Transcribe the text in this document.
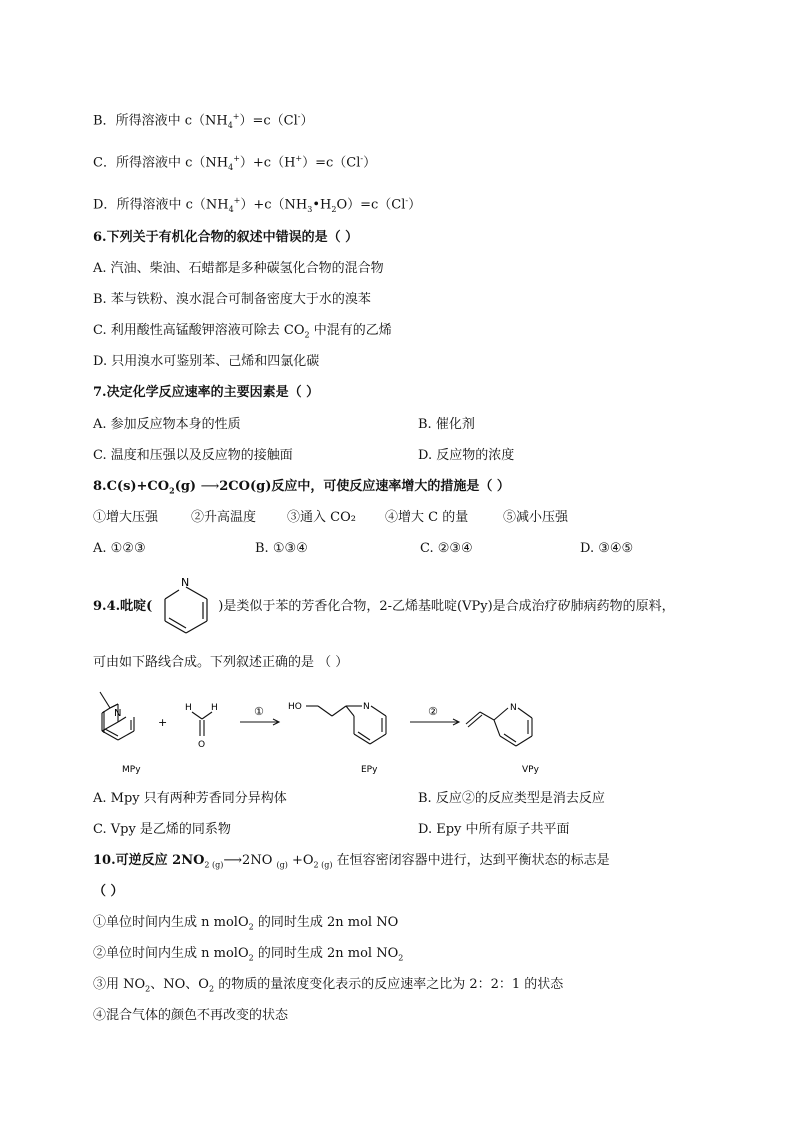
B．所得溶液中 $c(NH_4^+)=c(Cl^-)$
C．所得溶液中 $c(NH_4^+)+c(H^+)=c(Cl^-)$
D．所得溶液中 $c(NH_4^+)+c(NH_3•H_2O)=c(Cl^-)$
6.下列关于有机化合物的叙述中错误的是（ ）
A. 汽油、柴油、石蜡都是多种碳氢化合物的混合物
B. 苯与铁粉、溴水混合可制备密度大于水的溴苯
C. 利用酸性高锰酸钾溶液可除去 $CO_2$ 中混有的乙烯
D. 只用溴水可鉴别苯、己烯和四氯化碳
7.决定化学反应速率的主要因素是（ ）
A. 参加反应物本身的性质	B. 催化剂
C. 温度和压强以及反应物的接触面	D. 反应物的浓度
$8.C(s)+CO_2(g)$ ⟶2CO(g)反应中，可使反应速率增大的措施是（ ）
①增大压强	②升高温度 ③通入 CO₂ ④增大 C 的量	⑤减小压强
A. ①②③	B. ①③④	C. ②③④	D. ③④⑤
9.4.吡啶(	)是类似于苯的芳香化合物，2-乙烯基吡啶(VPy)是合成治疗矽肺病药物的原料，
N
可由如下路线合成。下列叙述正确的是 （ ）
N
+
H H
O
①	HO	N	②	N
MPy	EPy	VPy
A. Mpy 只有两种芳香同分异构体	B. 反应②的反应类型是消去反应
C. Vpy 是乙烯的同系物	D. Epy 中所有原子共平面
10.可逆反应 $2NO_{2 (g)}⟶2NO$ $_{(g)} +O_{2 (g)}$ 在恒容密闭容器中进行，达到平衡状态的标志是
（ ）
①单位时间内生成 n molO$_2$ 的同时生成 2n mol NO
②单位时间内生成 n molO$_2$ 的同时生成 2n mol $NO_2$
③用 $NO_2$、NO、$O_2$ 的物质的量浓度变化表示的反应速率之比为 2：2：1 的状态
④混合气体的颜色不再改变的状态
